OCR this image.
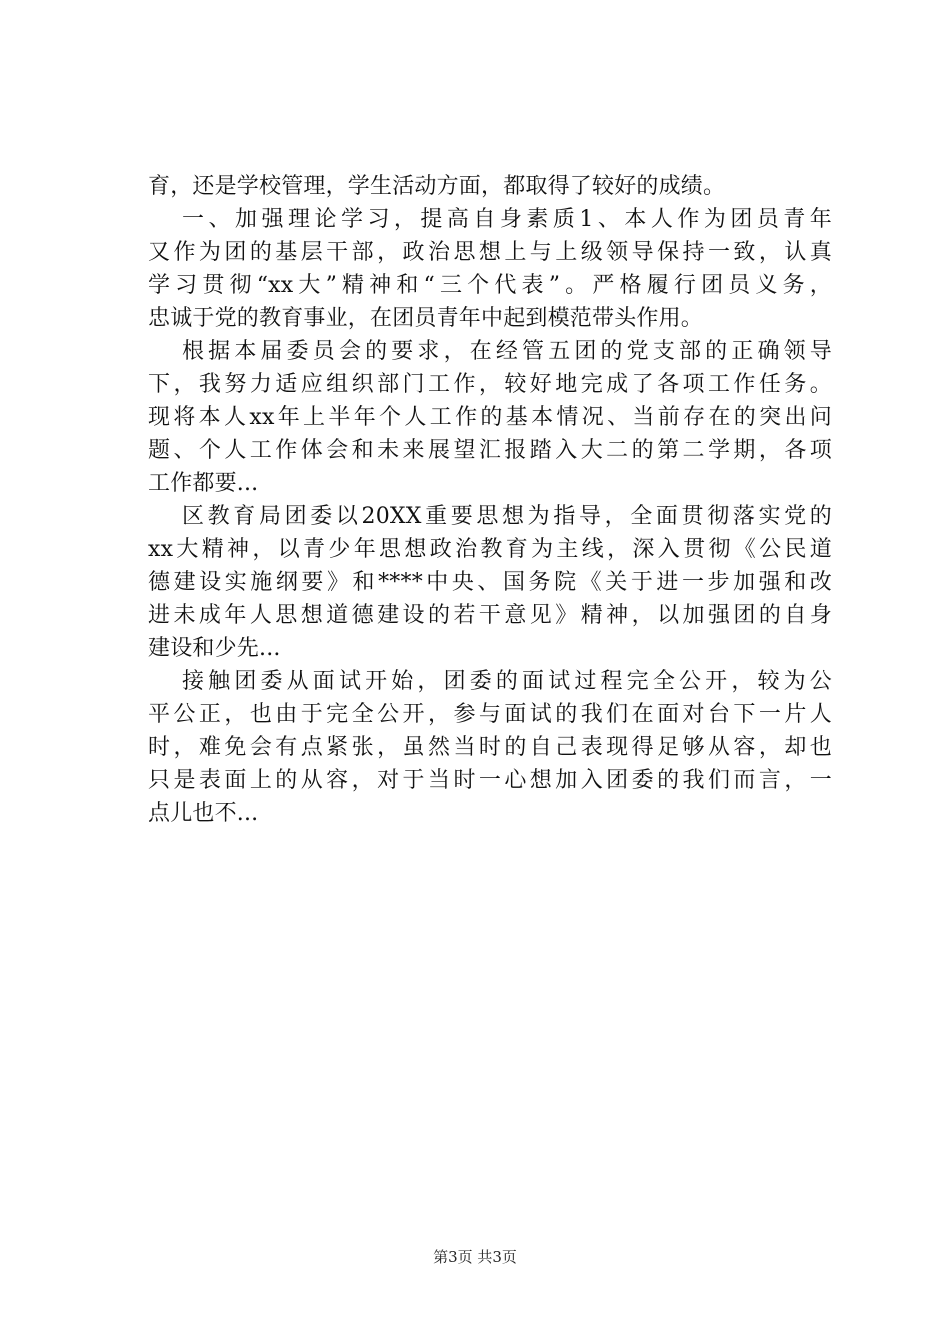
育，还是学校管理，学生活动方面，都取得了较好的成绩。

一、加强理论学习，提高自身素质1、本人作为团员青年
又作为团的基层干部，政治思想上与上级领导保持一致，认真
学习贯彻“xx大”精神和“三个代表”。严格履行团员义务，
忠诚于党的教育事业，在团员青年中起到模范带头作用。

根据本届委员会的要求，在经管五团的党支部的正确领导
下，我努力适应组织部门工作，较好地完成了各项工作任务。
现将本人xx年上半年个人工作的基本情况、当前存在的突出问
题、个人工作体会和未来展望汇报踏入大二的第二学期，各项
工作都要...

区教育局团委以20XX重要思想为指导，全面贯彻落实党的
xx大精神，以青少年思想政治教育为主线，深入贯彻《公民道
德建设实施纲要》和****中央、国务院《关于进一步加强和改
进未成年人思想道德建设的若干意见》精神，以加强团的自身
建设和少先...

接触团委从面试开始，团委的面试过程完全公开，较为公
平公正，也由于完全公开，参与面试的我们在面对台下一片人
时，难免会有点紧张，虽然当时的自己表现得足够从容，却也
只是表面上的从容，对于当时一心想加入团委的我们而言，一
点儿也不...

第3页 共3页
